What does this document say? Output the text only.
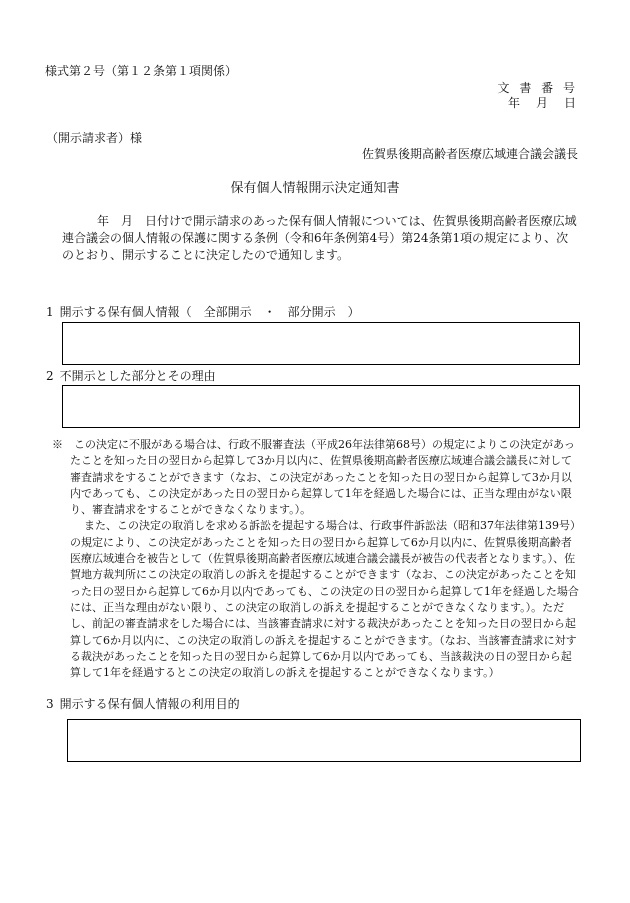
様式第２号（第１２条第１項関係）
文 書 番 号
年　月　日
（開示請求者）様
佐賀県後期高齢者医療広域連合議会議長
保有個人情報開示決定通知書

年　月　日付けで開示請求のあった保有個人情報については、佐賀県後期高齢者医療広域連合議会の個人情報の保護に関する条例（令和6年条例第4号）第24条第1項の規定により、次のとおり、開示することに決定したので通知します。

1 開示する保有個人情報（　全部開示　・　部分開示　）
2 不開示とした部分とその理由

※　 この決定に不服がある場合は、行政不服審査法（平成26年法律第68号）の規定によりこの決定があったことを知った日の翌日から起算して3か月以内に、佐賀県後期高齢者医療広域連合議会議長に対して審査請求をすることができます（なお、この決定があったことを知った日の翌日から起算して3か月以内であっても、この決定があった日の翌日から起算して1年を経過した場合には、正当な理由がない限り、審査請求をすることができなくなります。）。

また、この決定の取消しを求める訴訟を提起する場合は、行政事件訴訟法（昭和37年法律第139号）の規定により、この決定があったことを知った日の翌日から起算して6か月以内に、佐賀県後期高齢者医療広域連合を被告として（佐賀県後期高齢者医療広域連合議会議長が被告の代表者となります。）、佐賀地方裁判所にこの決定の取消しの訴えを提起することができます（なお、この決定があったことを知った日の翌日から起算して6か月以内であっても、この決定の日の翌日から起算して1年を経過した場合には、正当な理由がない限り、この決定の取消しの訴えを提起することができなくなります。）。ただし、前記の審査請求をした場合には、当該審査請求に対する裁決があったことを知った日の翌日から起算して6か月以内に、この決定の取消しの訴えを提起することができます。（なお、当該審査請求に対する裁決があったことを知った日の翌日から起算して6か月以内であっても、当該裁決の日の翌日から起算して1年を経過するとこの決定の取消しの訴えを提起することができなくなります。）

3 開示する保有個人情報の利用目的
